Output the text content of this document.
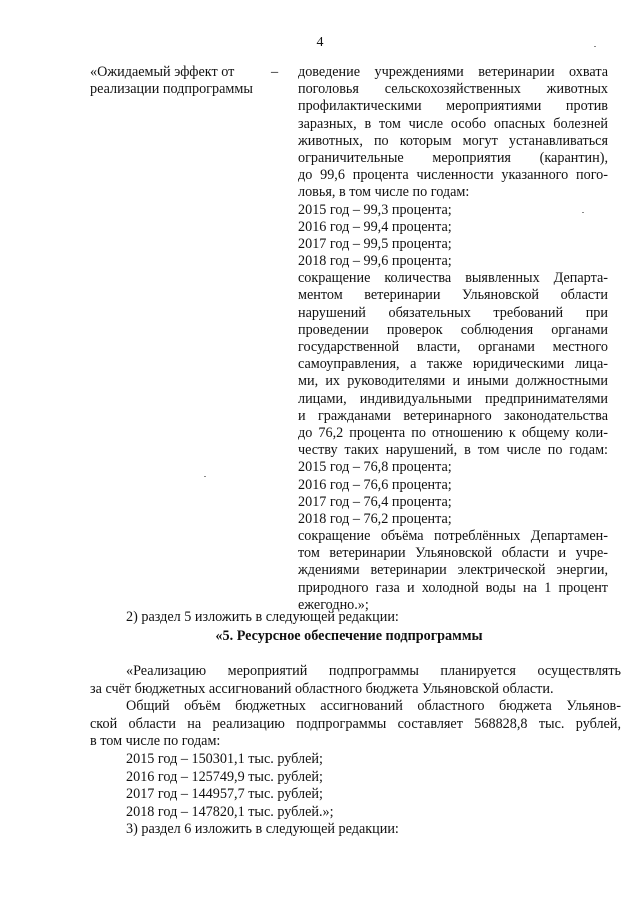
4
«Ожидаемый эффект от
реализации подпрограммы
– доведение учреждениями ветеринарии охвата
поголовья сельскохозяйственных животных
профилактическими мероприятиями против
заразных, в том числе особо опасных болезней
животных, по которым могут устанавливаться
ограничительные мероприятия (карантин),
до 99,6 процента численности указанного пого-
ловья, в том числе по годам:
2015 год – 99,3 процента;
2016 год – 99,4 процента;
2017 год – 99,5 процента;
2018 год – 99,6 процента;
сокращение количества выявленных Департа-
ментом ветеринарии Ульяновской области
нарушений обязательных требований при
проведении проверок соблюдения органами
государственной власти, органами местного
самоуправления, а также юридическими лица-
ми, их руководителями и иными должностными
лицами, индивидуальными предпринимателями
и гражданами ветеринарного законодательства
до 76,2 процента по отношению к общему коли-
честву таких нарушений, в том числе по годам:
2015 год – 76,8 процента;
2016 год – 76,6 процента;
2017 год – 76,4 процента;
2018 год – 76,2 процента;
сокращение объёма потреблённых Департамен-
том ветеринарии Ульяновской области и учре-
ждениями ветеринарии электрической энергии,
природного газа и холодной воды на 1 процент
ежегодно.»;
2) раздел 5 изложить в следующей редакции:
«5. Ресурсное обеспечение подпрограммы
«Реализацию мероприятий подпрограммы планируется осуществлять
за счёт бюджетных ассигнований областного бюджета Ульяновской области.
Общий объём бюджетных ассигнований областного бюджета Ульянов-
ской области на реализацию подпрограммы составляет 568828,8 тыс. рублей,
в том числе по годам:
2015 год – 150301,1 тыс. рублей;
2016 год – 125749,9 тыс. рублей;
2017 год – 144957,7 тыс. рублей;
2018 год – 147820,1 тыс. рублей.»;
3) раздел 6 изложить в следующей редакции:
